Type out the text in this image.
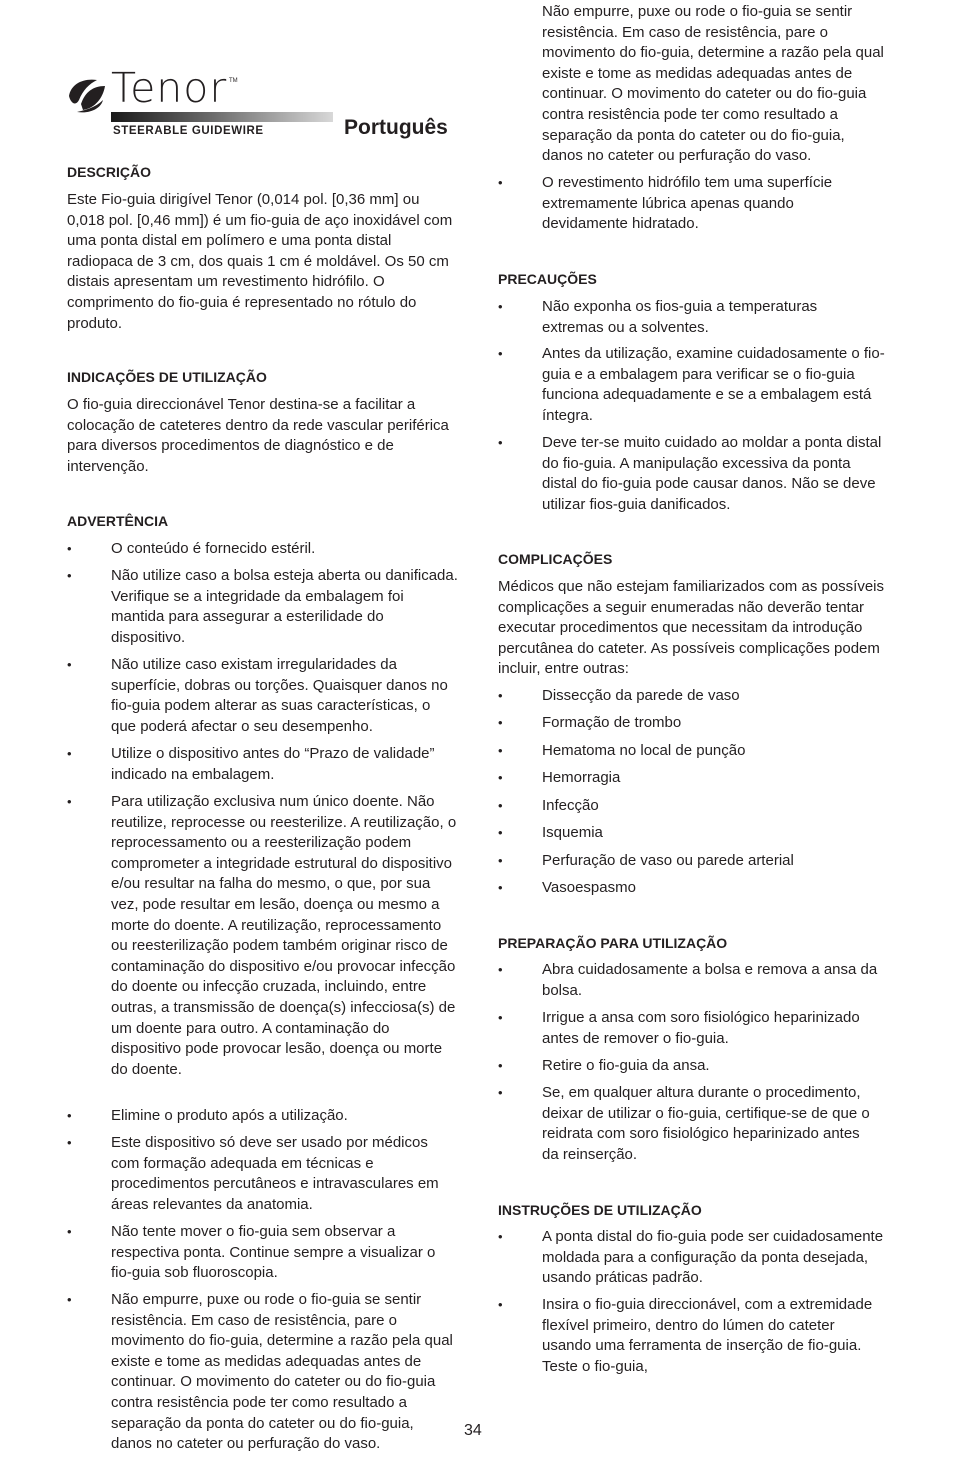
Tenor TM
STEERABLE GUIDEWIRE	Português
DESCRIÇÃO
Este Fio-guia dirigível Tenor (0,014 pol. [0,36 mm] ou 0,018 pol. [0,46 mm]) é um fio-guia de aço inoxidável com uma ponta distal em polímero e uma ponta distal radiopaca de 3 cm, dos quais 1 cm é moldável. Os 50 cm distais apresentam um revestimento hidrófilo. O comprimento do fio-guia é representado no rótulo do produto.
INDICAÇÕES DE UTILIZAÇÃO
O fio-guia direccionável Tenor destina-se a facilitar a colocação de cateteres dentro da rede vascular periférica para diversos procedimentos de diagnóstico e de intervenção.
ADVERTÊNCIA
•	O conteúdo é fornecido estéril.
•	Não utilize caso a bolsa esteja aberta ou danificada. Verifique se a integridade da embalagem foi mantida para assegurar a esterilidade do dispositivo.
•	Não utilize caso existam irregularidades da superfície, dobras ou torções. Quaisquer danos no fio-guia podem alterar as suas características, o que poderá afectar o seu desempenho.
•	Utilize o dispositivo antes do “Prazo de validade” indicado na embalagem.
•	Para utilização exclusiva num único doente. Não reutilize, reprocesse ou reesterilize. A reutilização, o reprocessamento ou a reesterilização podem comprometer a integridade estrutural do dispositivo e/ou resultar na falha do mesmo, o que, por sua vez, pode resultar em lesão, doença ou mesmo a morte do doente. A reutilização, reprocessamento ou reesterilização podem também originar risco de contaminação do dispositivo e/ou provocar infecção do doente ou infecção cruzada, incluindo, entre outras, a transmissão de doença(s) infecciosa(s) de um doente para outro. A contaminação do dispositivo pode provocar lesão, doença ou morte do doente.
•	Elimine o produto após a utilização.
•	Este dispositivo só deve ser usado por médicos com formação adequada em técnicas e procedimentos percutâneos e intravasculares em áreas relevantes da anatomia.
•	Não tente mover o fio-guia sem observar a respectiva ponta. Continue sempre a visualizar o fio-guia sob fluoroscopia.
•	Não empurre, puxe ou rode o fio-guia se sentir resistência. Em caso de resistência, pare o movimento do fio-guia, determine a razão pela qual existe e tome as medidas adequadas antes de continuar. O movimento do cateter ou do fio-guia contra resistência pode ter como resultado a separação da ponta do cateter ou do fio-guia, danos no cateter ou perfuração do vaso.
Não empurre, puxe ou rode o fio-guia se sentir resistência. Em caso de resistência, pare o movimento do fio-guia, determine a razão pela qual existe e tome as medidas adequadas antes de continuar. O movimento do cateter ou do fio-guia contra resistência pode ter como resultado a separação da ponta do cateter ou do fio-guia, danos no cateter ou perfuração do vaso.
•	O revestimento hidrófilo tem uma superfície extremamente lúbrica apenas quando devidamente hidratado.
PRECAUÇÕES
•	Não exponha os fios-guia a temperaturas extremas ou a solventes.
•	Antes da utilização, examine cuidadosamente o fio-guia e a embalagem para verificar se o fio-guia funciona adequadamente e se a embalagem está íntegra.
•	Deve ter-se muito cuidado ao moldar a ponta distal do fio-guia. A manipulação excessiva da ponta distal do fio-guia pode causar danos. Não se deve utilizar fios-guia danificados.
COMPLICAÇÕES
Médicos que não estejam familiarizados com as possíveis complicações a seguir enumeradas não deverão tentar executar procedimentos que necessitam da introdução percutânea do cateter. As possíveis complicações podem incluir, entre outras:
•	Dissecção da parede de vaso
•	Formação de trombo
•	Hematoma no local de punção
•	Hemorragia
•	Infecção
•	Isquemia
•	Perfuração de vaso ou parede arterial
•	Vasoespasmo
PREPARAÇÃO PARA UTILIZAÇÃO
•	Abra cuidadosamente a bolsa e remova a ansa da bolsa.
•	Irrigue a ansa com soro fisiológico heparinizado antes de remover o fio-guia.
•	Retire o fio-guia da ansa.
•	Se, em qualquer altura durante o procedimento, deixar de utilizar o fio-guia, certifique-se de que o reidrata com soro fisiológico heparinizado antes da reinserção.
INSTRUÇÕES DE UTILIZAÇÃO
•	A ponta distal do fio-guia pode ser cuidadosamente moldada para a configuração da ponta desejada, usando práticas padrão.
•	Insira o fio-guia direccionável, com a extremidade flexível primeiro, dentro do lúmen do cateter usando uma ferramenta de inserção de fio-guia. Teste o fio-guia,
34
